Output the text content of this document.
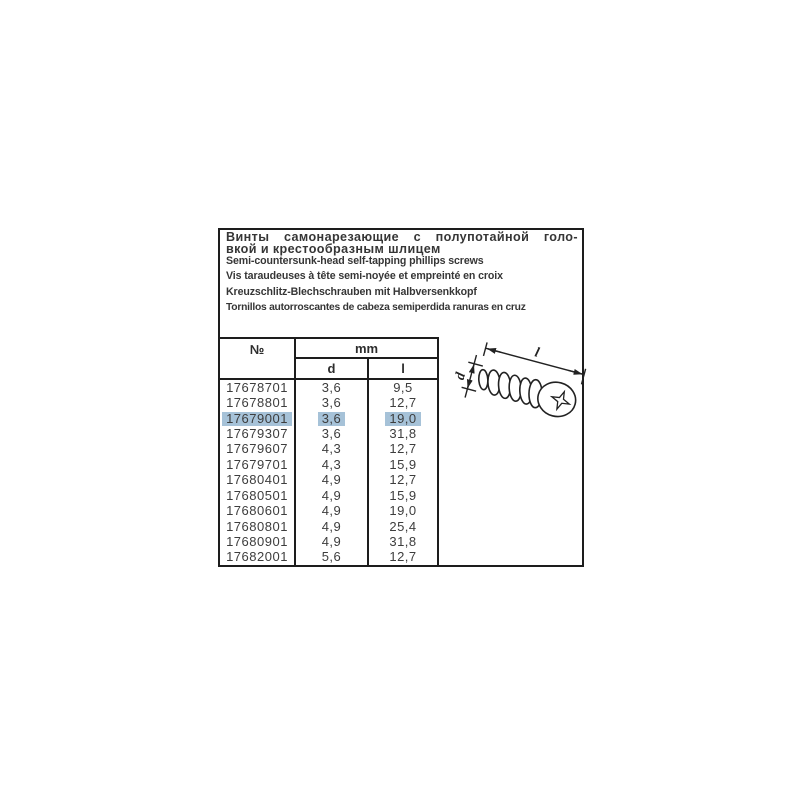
Винты самонарезающие с полупотайной голо-
вкой и крестообразным шлицем
Semi-countersunk-head self-tapping phillips screws
Vis taraudeuses à tête semi-noyée et empreinté en croix
Kreuzschlitz-Blechschrauben mit Halbversenkkopf
Tornillos autorroscantes de cabeza semiperdida ranuras en cruz
l
d
№	mm
d	l
17678701	3,6	9,5
17678801	3,6	12,7
17679001	3,6	19,0
17679307	3,6	31,8
17679607	4,3	12,7
17679701	4,3	15,9
17680401	4,9	12,7
17680501	4,9	15,9
17680601	4,9	19,0
17680801	4,9	25,4
17680901	4,9	31,8
17682001	5,6	12,7
